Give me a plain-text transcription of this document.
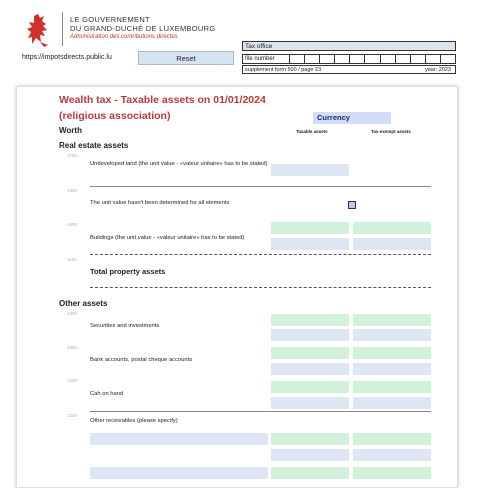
LE GOUVERNEMENT
DU GRAND-DUCHÉ DE LUXEMBOURG
Administration des contributions directes
https://impotsdirects.public.lu	Reset
Tax office
file number
supplement form 500 / page 23	year: 2023
Wealth tax - Taxable assets on 01/01/2024
(religious association)	Currency
Worth	Taxable assets	Tax-exempt assets
Real estate assets
1700
Undeveloped land (the unit value - «valeur unitaire» has to be stated)
1800
The unit value hasn't been determined for all elements
1600
Buildings (the unit value - «valeur unitaire» has to be stated)
1100
Total property assets
Other assets
1300
Securities and investments
1000
Bank accounts, postal cheque accounts
1200
Cah on hand
1200
Other receivables (please specify)
